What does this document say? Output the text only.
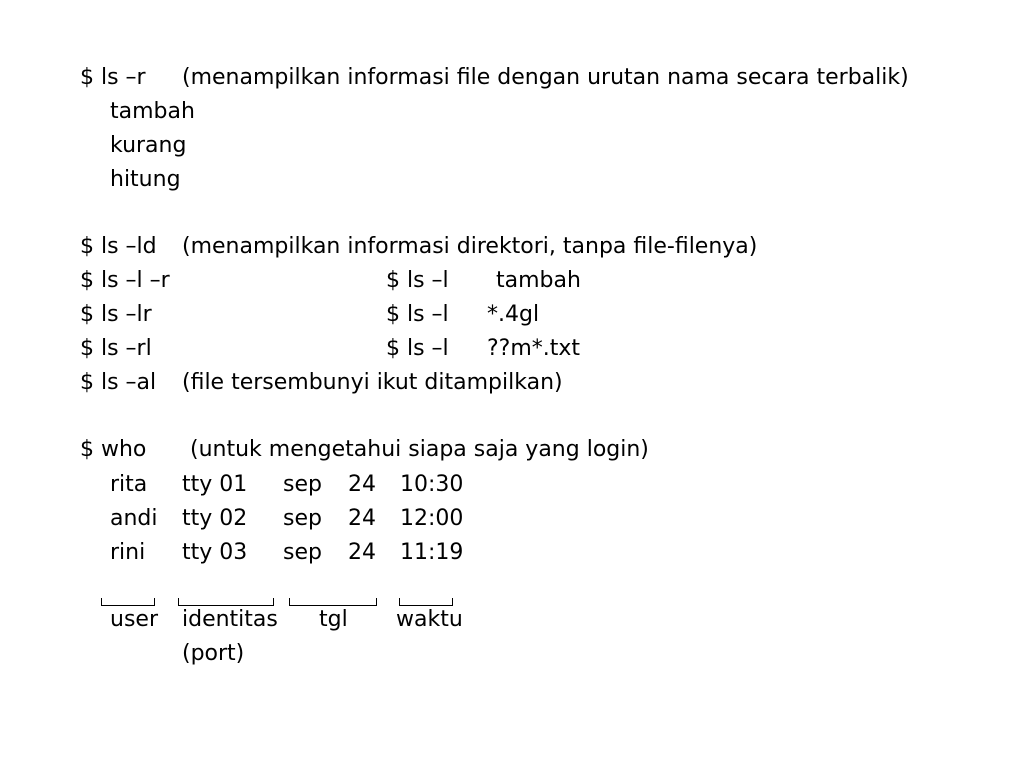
$ ls –r (menampilkan informasi file dengan urutan nama secara terbalik)
tambah
kurang
hitung
$ ls –ld (menampilkan informasi direktori, tanpa file-filenya)
$ ls –l –r	$ ls –l tambah
$ ls –lr	$ ls –l *.4gl
$ ls –rl	$ ls –l ??m*.txt
$ ls –al (file tersembunyi ikut ditampilkan)
$ who (untuk mengetahui siapa saja yang login)
rita tty 01 sep 24 10:30
andi tty 02 sep 24 12:00
rini tty 03 sep 24 11:19
user identitas tgl waktu
(port)
